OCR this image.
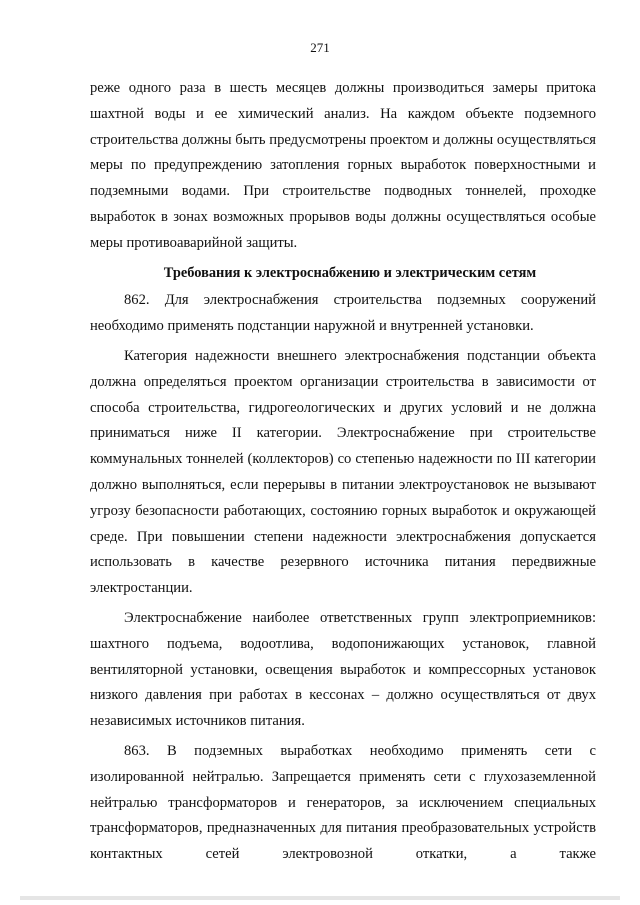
271

реже одного раза в шесть месяцев должны производиться замеры притока шахтной воды и ее химический анализ. На каждом объекте подземного строительства должны быть предусмотрены проектом и должны осуществляться меры по предупреждению затопления горных выработок поверхностными и подземными водами. При строительстве подводных тоннелей, проходке выработок в зонах возможных прорывов воды должны осуществляться особые меры противоаварийной защиты.

Требования к электроснабжению и электрическим сетям

862. Для электроснабжения строительства подземных сооружений необходимо применять подстанции наружной и внутренней установки.

Категория надежности внешнего электроснабжения подстанции объекта должна определяться проектом организации строительства в зависимости от способа строительства, гидрогеологических и других условий и не должна приниматься ниже II категории. Электроснабжение при строительстве коммунальных тоннелей (коллекторов) со степенью надежности по III категории должно выполняться, если перерывы в питании электроустановок не вызывают угрозу безопасности работающих, состоянию горных выработок и окружающей среде. При повышении степени надежности электроснабжения допускается использовать в качестве резервного источника питания передвижные электростанции.

Электроснабжение наиболее ответственных групп электроприемников: шахтного подъема, водоотлива, водопонижающих установок, главной вентиляторной установки, освещения выработок и компрессорных установок низкого давления при работах в кессонах – должно осуществляться от двух независимых источников питания.

863. В подземных выработках необходимо применять сети с изолированной нейтралью. Запрещается применять сети с глухозаземленной нейтралью трансформаторов и генераторов, за исключением специальных трансформаторов, предназначенных для питания преобразовательных устройств контактных сетей электровозной откатки, а также
